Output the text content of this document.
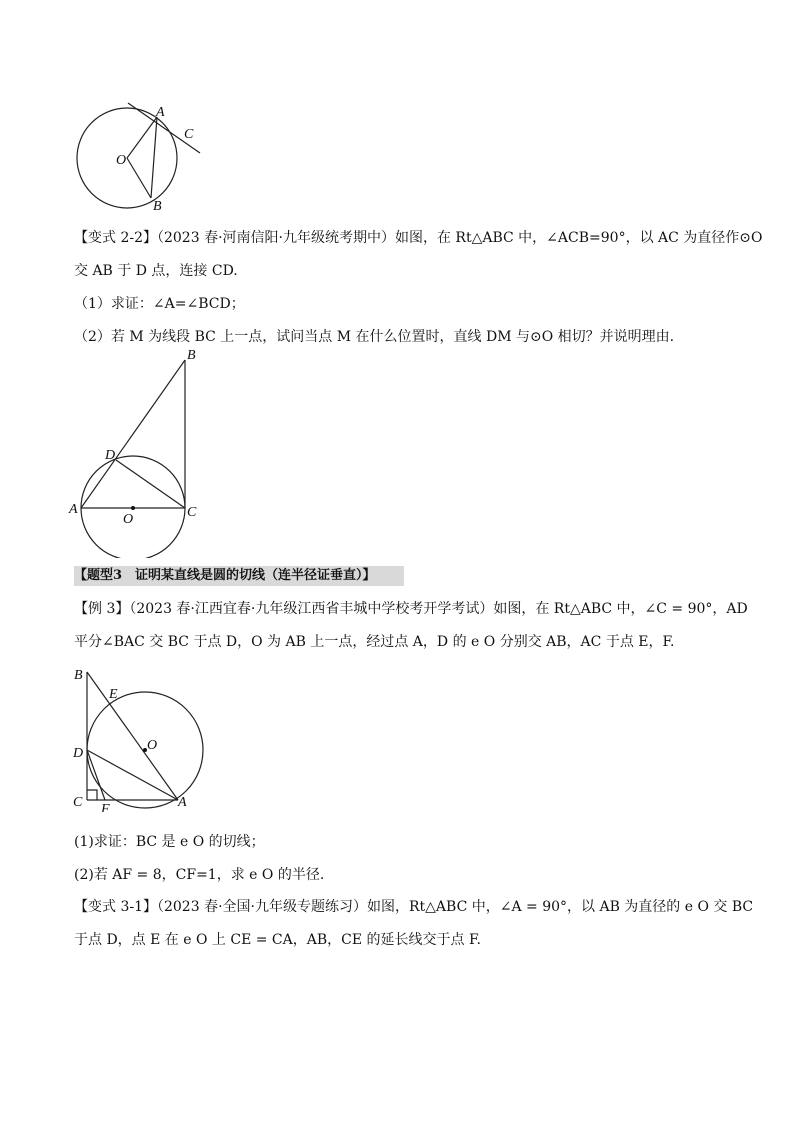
A
C
O
B
【变式 2-2】（2023 春·河南信阳·九年级统考期中）如图，在 Rt△ABC 中，∠ACB=90°，以 AC 为直径作⊙O
交 AB 于 D 点，连接 CD.
（1）求证：∠A=∠BCD；
（2）若 M 为线段 BC 上一点，试问当点 M 在什么位置时，直线 DM 与⊙O 相切？并说明理由.
B
D
A
O	C
【题型3　证明某直线是圆的切线（连半径证垂直）】
【例 3】（2023 春·江西宜春·九年级江西省丰城中学校考开学考试）如图，在 Rt△ABC 中，∠C = 90°，AD
平分∠BAC 交 BC 于点 D，O 为 AB 上一点，经过点 A，D 的 e O 分别交 AB，AC 于点 E，F.
B
E
O
D
C F	A
(1)求证：BC 是 e O 的切线；
(2)若 AF = 8，CF=1，求 e O 的半径.
【变式 3-1】（2023 春·全国·九年级专题练习）如图，Rt△ABC 中，∠A = 90°，以 AB 为直径的 e O 交 BC
于点 D，点 E 在 e O 上 CE = CA，AB，CE 的延长线交于点 F.
